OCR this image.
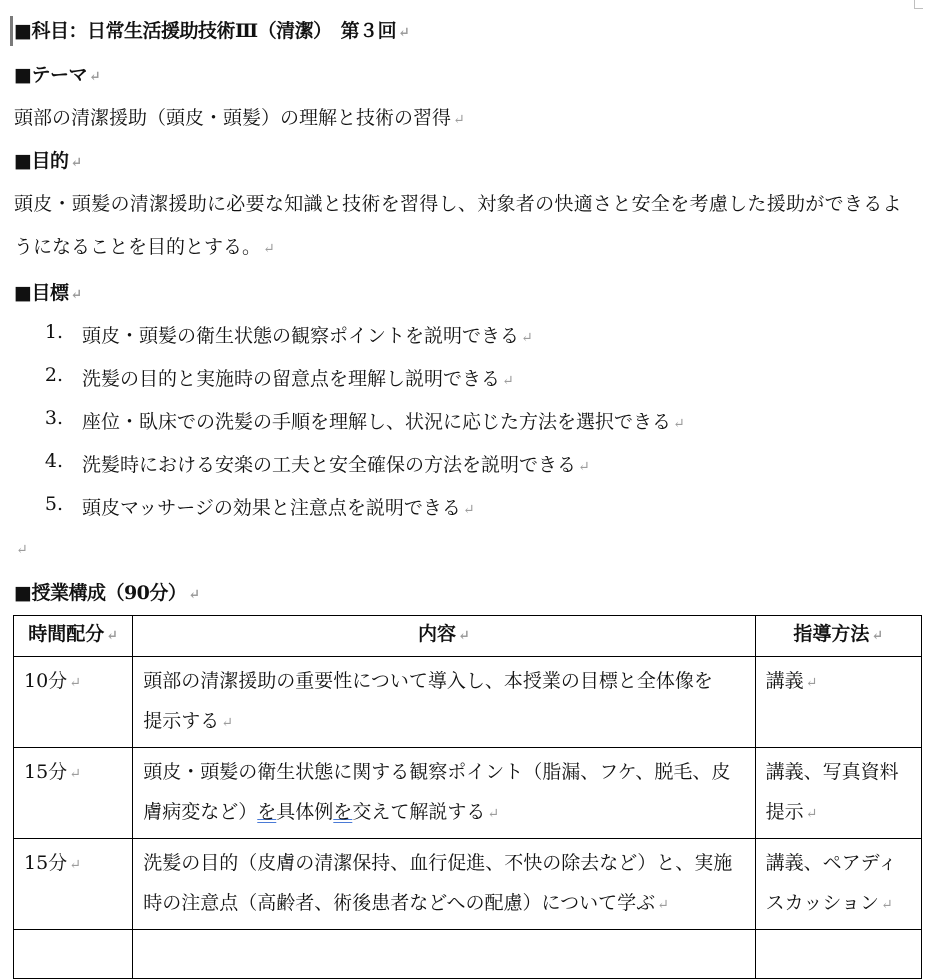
■科目：日常生活援助技術Ⅲ（清潔）　第３回 ↵
■テーマ ↵
頭部の清潔援助（頭皮・頭髪）の理解と技術の習得 ↵
■目的 ↵
頭皮・頭髪の清潔援助に必要な知識と技術を習得し、対象者の快適さと安全を考慮した援助ができるよ
うになることを目的とする。 ↵
■目標 ↵
1. 頭皮・頭髪の衛生状態の観察ポイントを説明できる ↵
2. 洗髪の目的と実施時の留意点を理解し説明できる ↵
3. 座位・臥床での洗髪の手順を理解し、状況に応じた方法を選択できる ↵
4. 洗髪時における安楽の工夫と安全確保の方法を説明できる ↵
5. 頭皮マッサージの効果と注意点を説明できる ↵
↵
■授業構成（90分） ↵
時間配分 ↵	内容 ↵	指導方法 ↵
10分 ↵	頭部の清潔援助の重要性について導入し、本授業の目標と全体像を
提示する ↵	講義 ↵
15分 ↵	頭皮・頭髪の衛生状態に関する観察ポイント（脂漏、フケ、脱毛、皮
膚病変など）を具体例を交えて解説する ↵	講義、写真資料
提示 ↵
15分 ↵	洗髪の目的（皮膚の清潔保持、血行促進、不快の除去など）と、実施
時の注意点（高齢者、術後患者などへの配慮）について学ぶ ↵	講義、ペアディ
スカッション ↵
